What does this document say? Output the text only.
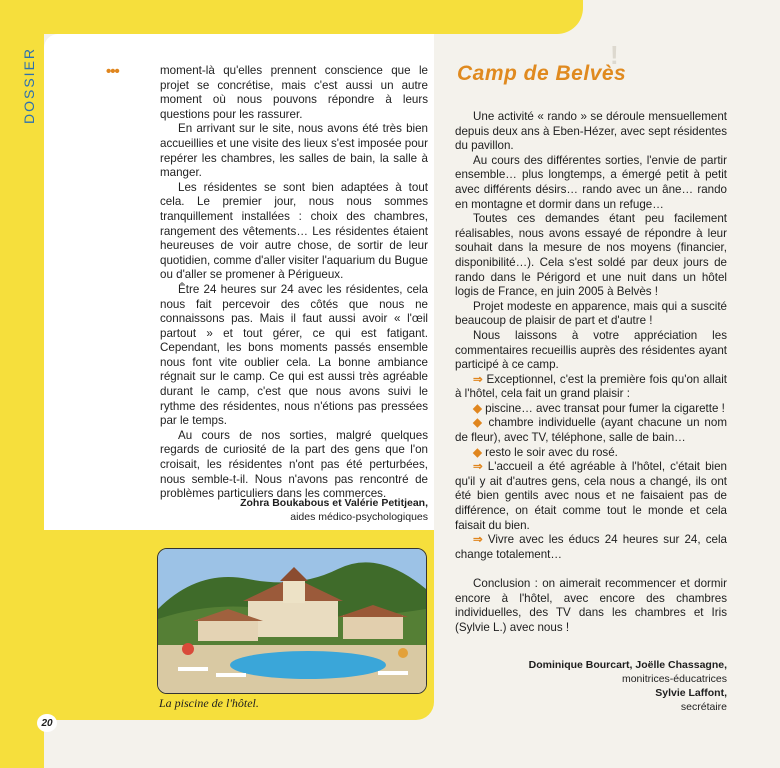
DOSSIER	!
•••	moment-là qu'elles prennent conscience que le projet se concrétise, mais c'est aussi un autre moment où nous pouvons répondre à leurs questions pour les rassurer.

En arrivant sur le site, nous avons été très bien accueillies et une visite des lieux s'est imposée pour repérer les chambres, les salles de bain, la salle à manger.

Les résidentes se sont bien adaptées à tout cela. Le premier jour, nous nous sommes tranquillement installées : choix des chambres, rangement des vêtements… Les résidentes étaient heureuses de voir autre chose, de sortir de leur quotidien, comme d'aller visiter l'aquarium du Bugue ou d'aller se promener à Périgueux.

Être 24 heures sur 24 avec les résidentes, cela nous fait percevoir des côtés que nous ne connaissons pas. Mais il faut aussi avoir « l'œil partout » et tout gérer, ce qui est fatigant. Cependant, les bons moments passés ensemble nous font vite oublier cela. La bonne ambiance régnait sur le camp. Ce qui est aussi très agréable durant le camp, c'est que nous avons suivi le rythme des résidentes, nous n'étions pas pressées par le temps.

Au cours de nos sorties, malgré quelques regards de curiosité de la part des gens que l'on croisait, les résidentes n'ont pas été perturbées, nous semble-t-il. Nous n'avons pas rencontré de problèmes particuliers dans les commerces.

Zohra Boukabous et Valérie Petitjean,
aides médico-psychologiques
La piscine de l'hôtel.
20
Camp de Belvès

Une activité « rando » se déroule mensuellement depuis deux ans à Eben-Hézer, avec sept résidentes du pavillon.

Au cours des différentes sorties, l'envie de partir ensemble… plus longtemps, a émergé petit à petit avec différents désirs… rando avec un âne… rando en montagne et dormir dans un refuge…

Toutes ces demandes étant peu facilement réalisables, nous avons essayé de répondre à leur souhait dans la mesure de nos moyens (financier, disponibilité…). Cela s'est soldé par deux jours de rando dans le Périgord et une nuit dans un hôtel logis de France, en juin 2005 à Belvès !

Projet modeste en apparence, mais qui a suscité beaucoup de plaisir de part et d'autre !

Nous laissons à votre appréciation les commentaires recueillis auprès des résidentes ayant participé à ce camp.

⇒ Exceptionnel, c'est la première fois qu'on allait à l'hôtel, cela fait un grand plaisir :

◆ piscine… avec transat pour fumer la cigarette !

◆ chambre individuelle (ayant chacune un nom de fleur), avec TV, téléphone, salle de bain…

◆ resto le soir avec du rosé.

⇒ L'accueil a été agréable à l'hôtel, c'était bien qu'il y ait d'autres gens, cela nous a changé, ils ont été bien gentils avec nous et ne faisaient pas de différence, on était comme tout le monde et cela faisait du bien.

⇒ Vivre avec les éducs 24 heures sur 24, cela change totalement…

Conclusion : on aimerait recommencer et dormir encore à l'hôtel, avec encore des chambres individuelles, des TV dans les chambres et Iris (Sylvie L.) avec nous !

Dominique Bourcart, Joëlle Chassagne,
monitrices-éducatrices
Sylvie Laffont,
secrétaire
